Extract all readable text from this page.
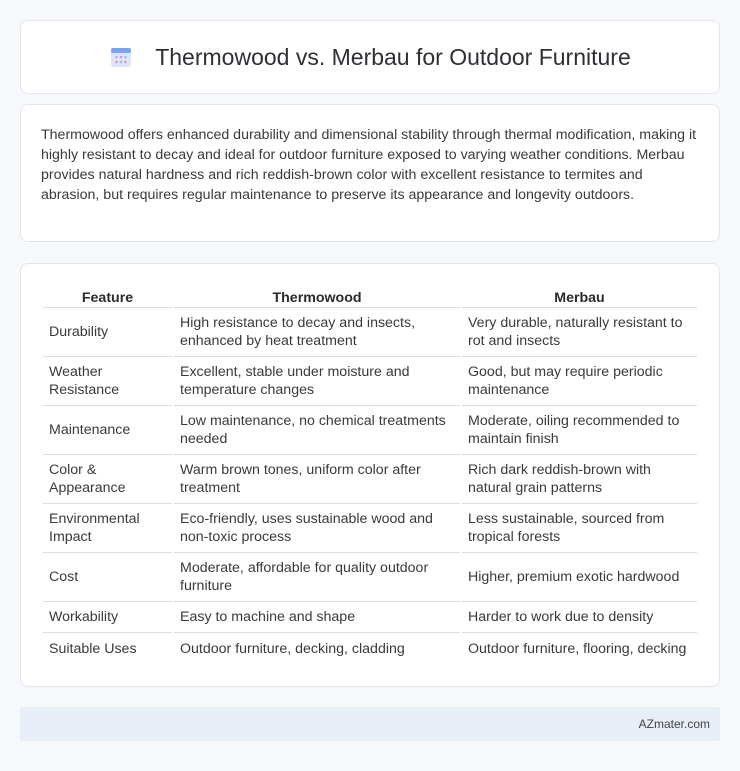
Thermowood vs. Merbau for Outdoor Furniture

Thermowood offers enhanced durability and dimensional stability through thermal modification, making it highly resistant to decay and ideal for outdoor furniture exposed to varying weather conditions. Merbau provides natural hardness and rich reddish-brown color with excellent resistance to termites and abrasion, but requires regular maintenance to preserve its appearance and longevity outdoors.

Feature	Thermowood	Merbau
Durability	High resistance to decay and insects, enhanced by heat treatment	Very durable, naturally resistant to rot and insects
Weather Resistance	Excellent, stable under moisture and temperature changes	Good, but may require periodic maintenance
Maintenance	Low maintenance, no chemical treatments needed	Moderate, oiling recommended to maintain finish
Color & Appearance	Warm brown tones, uniform color after treatment	Rich dark reddish-brown with natural grain patterns
Environmental Impact	Eco-friendly, uses sustainable wood and non-toxic process	Less sustainable, sourced from tropical forests
Cost	Moderate, affordable for quality outdoor furniture	Higher, premium exotic hardwood
Workability	Easy to machine and shape	Harder to work due to density
Suitable Uses	Outdoor furniture, decking, cladding	Outdoor furniture, flooring, decking
AZmater.com
